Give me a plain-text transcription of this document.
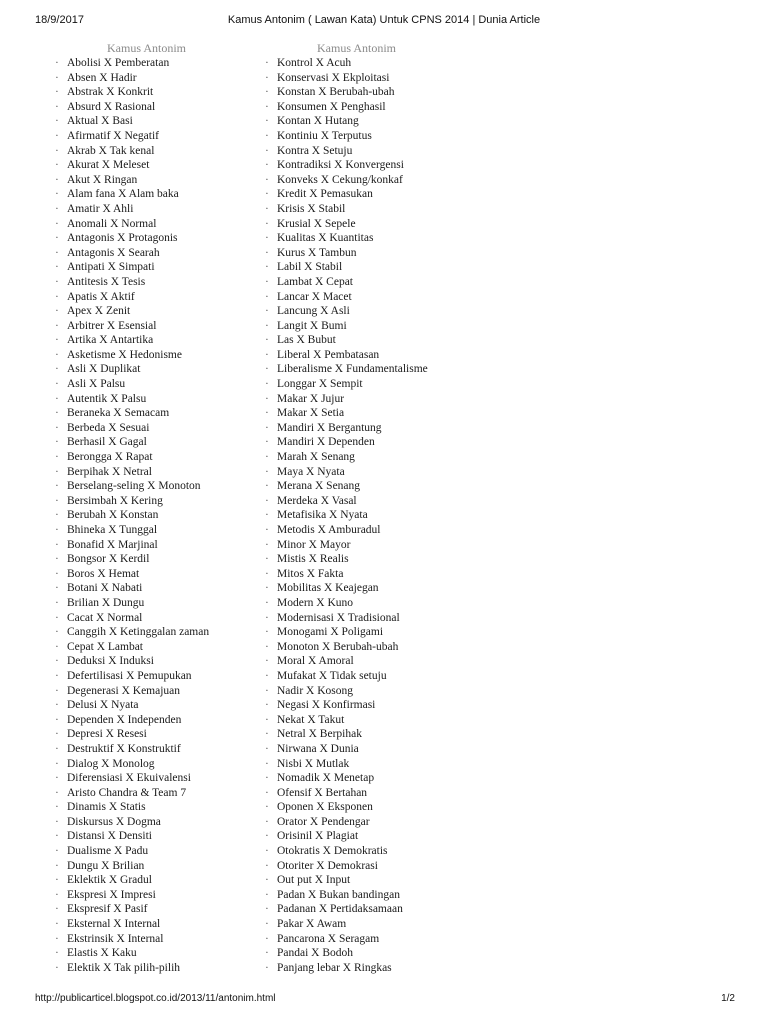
18/9/2017	Kamus Antonim ( Lawan Kata) Untuk CPNS 2014 | Dunia Article
Kamus Antonim
· Abolisi X Pemberatan
· Absen X Hadir
· Abstrak X Konkrit
· Absurd X Rasional
· Aktual X Basi
· Afirmatif X Negatif
· Akrab X Tak kenal
· Akurat X Meleset
· Akut X Ringan
· Alam fana X Alam baka
· Amatir X Ahli
· Anomali X Normal
· Antagonis X Protagonis
· Antagonis X Searah
· Antipati X Simpati
· Antitesis X Tesis
· Apatis X Aktif
· Apex X Zenit
· Arbitrer X Esensial
· Artika X Antartika
· Asketisme X Hedonisme
· Asli X Duplikat
· Asli X Palsu
· Autentik X Palsu
· Beraneka X Semacam
· Berbeda X Sesuai
· Berhasil X Gagal
· Berongga X Rapat
· Berpihak X Netral
· Berselang-seling X Monoton
· Bersimbah X Kering
· Berubah X Konstan
· Bhineka X Tunggal
· Bonafid X Marjinal
· Bongsor X Kerdil
· Boros X Hemat
· Botani X Nabati
· Brilian X Dungu
· Cacat X Normal
· Canggih X Ketinggalan zaman
· Cepat X Lambat
· Deduksi X Induksi
· Defertilisasi X Pemupukan
· Degenerasi X Kemajuan
· Delusi X Nyata
· Dependen X Independen
· Depresi X Resesi
· Destruktif X Konstruktif
· Dialog X Monolog
· Diferensiasi X Ekuivalensi
· Aristo Chandra & Team 7
· Dinamis X Statis
· Diskursus X Dogma
· Distansi X Densiti
· Dualisme X Padu
· Dungu X Brilian
· Eklektik X Gradul
· Ekspresi X Impresi
· Ekspresif X Pasif
· Eksternal X Internal
· Ekstrinsik X Internal
· Elastis X Kaku
· Elektik X Tak pilih-pilih
Kamus Antonim
· Kontrol X Acuh
· Konservasi X Ekploitasi
· Konstan X Berubah-ubah
· Konsumen X Penghasil
· Kontan X Hutang
· Kontiniu X Terputus
· Kontra X Setuju
· Kontradiksi X Konvergensi
· Konveks X Cekung/konkaf
· Kredit X Pemasukan
· Krisis X Stabil
· Krusial X Sepele
· Kualitas X Kuantitas
· Kurus X Tambun
· Labil X Stabil
· Lambat X Cepat
· Lancar X Macet
· Lancung X Asli
· Langit X Bumi
· Las X Bubut
· Liberal X Pembatasan
· Liberalisme X Fundamentalisme
· Longgar X Sempit
· Makar X Jujur
· Makar X Setia
· Mandiri X Bergantung
· Mandiri X Dependen
· Marah X Senang
· Maya X Nyata
· Merana X Senang
· Merdeka X Vasal
· Metafisika X Nyata
· Metodis X Amburadul
· Minor X Mayor
· Mistis X Realis
· Mitos X Fakta
· Mobilitas X Keajegan
· Modern X Kuno
· Modernisasi X Tradisional
· Monogami X Poligami
· Monoton X Berubah-ubah
· Moral X Amoral
· Mufakat X Tidak setuju
· Nadir X Kosong
· Negasi X Konfirmasi
· Nekat X Takut
· Netral X Berpihak
· Nirwana X Dunia
· Nisbi X Mutlak
· Nomadik X Menetap
· Ofensif X Bertahan
· Oponen X Eksponen
· Orator X Pendengar
· Orisinil X Plagiat
· Otokratis X Demokratis
· Otoriter X Demokrasi
· Out put X Input
· Padan X Bukan bandingan
· Padanan X Pertidaksamaan
· Pakar X Awam
· Pancarona X Seragam
· Pandai X Bodoh
· Panjang lebar X Ringkas
http://publicarticel.blogspot.co.id/2013/11/antonim.html	1/2
